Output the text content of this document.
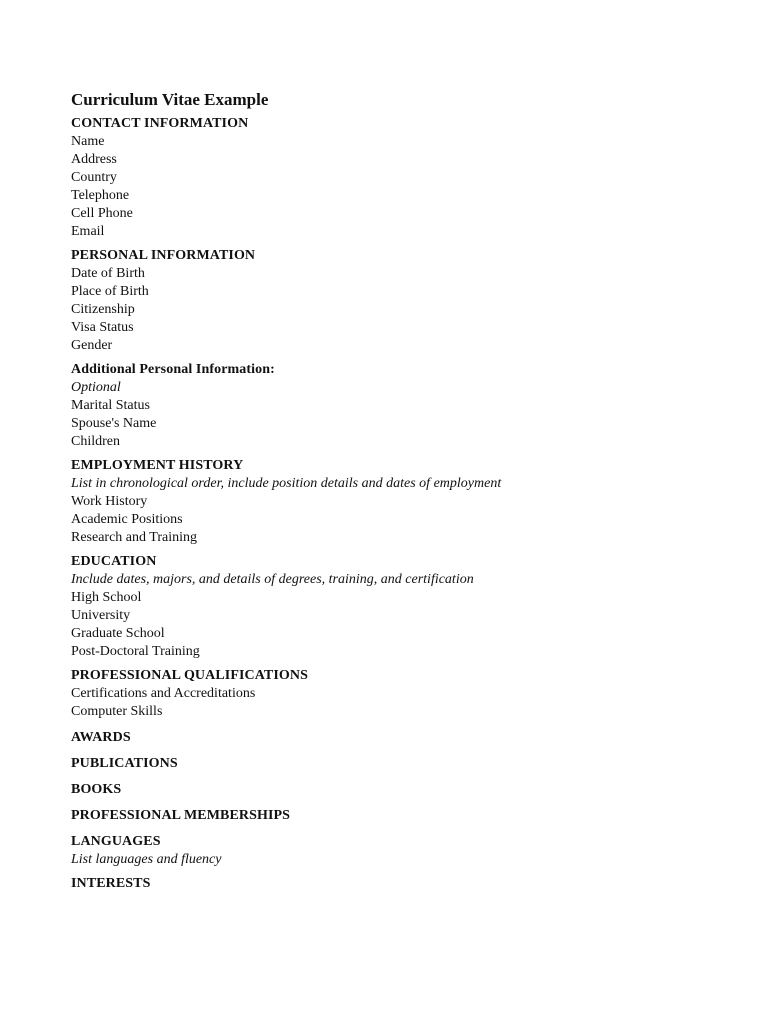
Curriculum Vitae Example
CONTACT INFORMATION
Name
Address
Country
Telephone
Cell Phone
Email
PERSONAL INFORMATION
Date of Birth
Place of Birth
Citizenship
Visa Status
Gender
Additional Personal Information:
Optional
Marital Status
Spouse's Name
Children
EMPLOYMENT HISTORY
List in chronological order, include position details and dates of employment
Work History
Academic Positions
Research and Training
EDUCATION
Include dates, majors, and details of degrees, training, and certification
High School
University
Graduate School
Post-Doctoral Training
PROFESSIONAL QUALIFICATIONS
Certifications and Accreditations
Computer Skills
AWARDS
PUBLICATIONS
BOOKS
PROFESSIONAL MEMBERSHIPS
LANGUAGES
List languages and fluency
INTERESTS
